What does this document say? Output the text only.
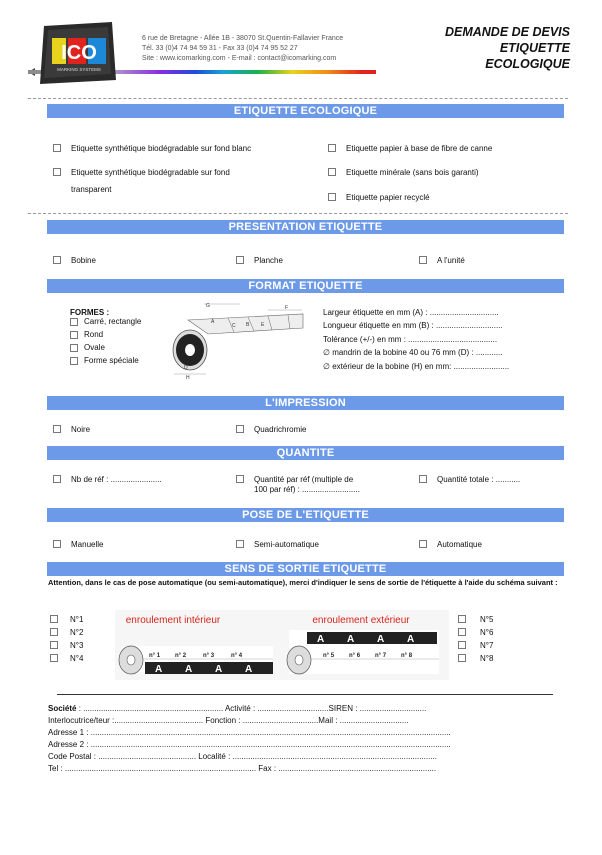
ICO
MARKING SYSTEMS
6 rue de Bretagne - Allée 1B - 38070 St.Quentin-Fallavier France
Tél. 33 (0)4 74 94 59 31 - Fax 33 (0)4 74 95 52 27
Site : www.icomarking.com - E-mail : contact@icomarking.com
DEMANDE DE DEVIS
ETIQUETTE
ECOLOGIQUE
ETIQUETTE ECOLOGIQUE
Etiquette synthétique biodégradable sur fond blanc
Etiquette synthétique biodégradable sur fond
transparent
Etiquette papier à base de fibre de canne
Etiquette minérale (sans bois garanti)
Etiquette papier recyclé
PRESENTATION ETIQUETTE
Bobine	Planche	A l'unité
FORMAT ETIQUETTE
FORMES :
Carré, rectangle
Rond
Ovale
Forme spéciale
G	F
A
C B E
D
H
Largeur étiquette en mm (A) : ...............................
Longueur étiquette en mm (B) : ..............................
Tolérance (+/-) en mm : ........................................
∅ mandrin de la bobine 40 ou 76 mm (D) : ............
∅ extérieur de la bobine (H) en mm: .........................
L'IMPRESSION
Noire	Quadrichromie
QUANTITE
Nb de réf : .......................	Quantité par réf (multiple de
100 par réf) : ..........................
Quantité totale : ...........
POSE DE L'ETIQUETTE
Manuelle	Semi-automatique	Automatique
SENS DE SORTIE ETIQUETTE
Attention, dans le cas de pose automatique (ou semi-automatique), merci d'indiquer le sens de sortie de l'étiquette à l'aide du schéma suivant :
N°1
N°2
N°3
N°4
N°5
N°6
N°7
N°8
enroulement intérieur	enroulement extérieur
n° 1 n° 2	n° 3	n° 4
A A A A
A A A A
n° 5 n° 6 n° 7 n° 8
Société : ............................................................... Activité : ................................SIREN : ..............................
Interlocutrice/teur :........................................ Fonction : ..................................Mail : ...............................
Adresse 1 : ..................................................................................................................................................................
Adresse 2 : ..................................................................................................................................................................
Code Postal : ............................................ Localité : ............................................................................................
Tel : ...................................................................................... Fax : .......................................................................
